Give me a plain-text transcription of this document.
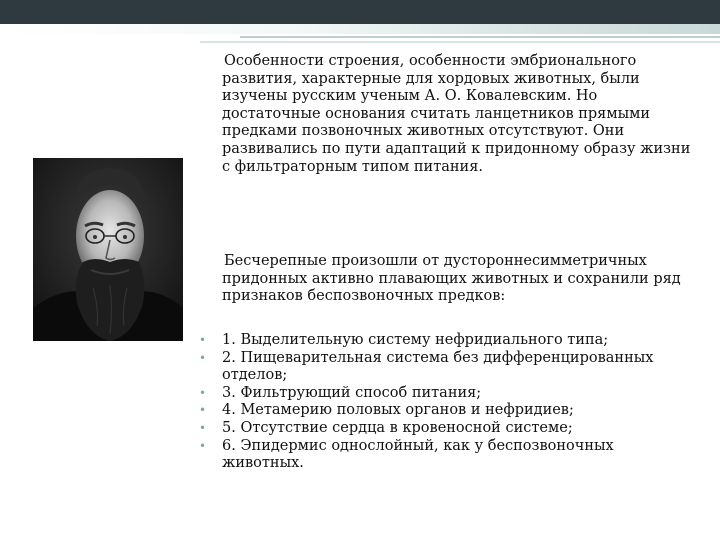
Особенности строения, особенности эмбрионального развития, характерные для хордовых животных, были изучены русским ученым А. О. Ковалевским. Но достаточные основания считать ланцетников прямыми предками позвоночных животных отсутствуют. Они развивались по пути адаптаций к придонному образу жизни с фильтраторным типом питания.

Бесчерепные произошли от дустороннесимметричных придонных активно плавающих животных и сохранили ряд признаков беспозвоночных предков:

• 1. Выделительную систему нефридиального типа;
• 2. Пищеварительная система без дифференцированных отделов;
• 3. Фильтрующий способ питания;
• 4. Метамерию половых органов и нефридиев;
• 5. Отсутствие сердца в кровеносной системе;
• 6. Эпидермис однослойный, как у беспозвоночных животных.
